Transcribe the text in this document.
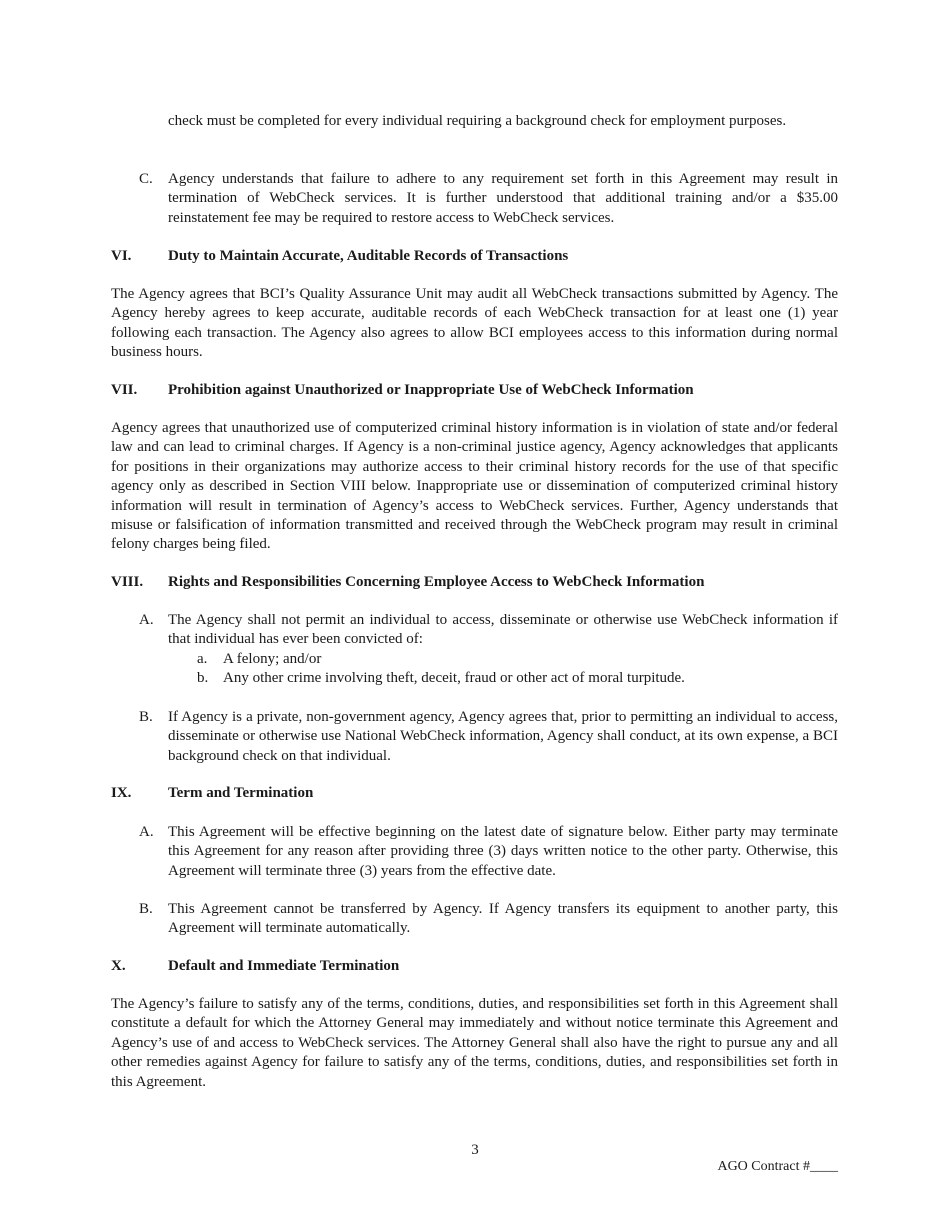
check must be completed for every individual requiring a background check for employment purposes.
C. Agency understands that failure to adhere to any requirement set forth in this Agreement may result in termination of WebCheck services. It is further understood that additional training and/or a $35.00 reinstatement fee may be required to restore access to WebCheck services.
VI. Duty to Maintain Accurate, Auditable Records of Transactions
The Agency agrees that BCI’s Quality Assurance Unit may audit all WebCheck transactions submitted by Agency. The Agency hereby agrees to keep accurate, auditable records of each WebCheck transaction for at least one (1) year following each transaction. The Agency also agrees to allow BCI employees access to this information during normal business hours.
VII. Prohibition against Unauthorized or Inappropriate Use of WebCheck Information
Agency agrees that unauthorized use of computerized criminal history information is in violation of state and/or federal law and can lead to criminal charges. If Agency is a non-criminal justice agency, Agency acknowledges that applicants for positions in their organizations may authorize access to their criminal history records for the use of that specific agency only as described in Section VIII below. Inappropriate use or dissemination of computerized criminal history information will result in termination of Agency’s access to WebCheck services. Further, Agency understands that misuse or falsification of information transmitted and received through the WebCheck program may result in criminal felony charges being filed.
VIII. Rights and Responsibilities Concerning Employee Access to WebCheck Information
A. The Agency shall not permit an individual to access, disseminate or otherwise use WebCheck information if that individual has ever been convicted of:
a. A felony; and/or
b. Any other crime involving theft, deceit, fraud or other act of moral turpitude.
B. If Agency is a private, non-government agency, Agency agrees that, prior to permitting an individual to access, disseminate or otherwise use National WebCheck information, Agency shall conduct, at its own expense, a BCI background check on that individual.
IX. Term and Termination
A. This Agreement will be effective beginning on the latest date of signature below. Either party may terminate this Agreement for any reason after providing three (3) days written notice to the other party. Otherwise, this Agreement will terminate three (3) years from the effective date.
B. This Agreement cannot be transferred by Agency. If Agency transfers its equipment to another party, this Agreement will terminate automatically.
X.	Default and Immediate Termination
The Agency’s failure to satisfy any of the terms, conditions, duties, and responsibilities set forth in this Agreement shall constitute a default for which the Attorney General may immediately and without notice terminate this Agreement and Agency’s use of and access to WebCheck services. The Attorney General shall also have the right to pursue any and all other remedies against Agency for failure to satisfy any of the terms, conditions, duties, and responsibilities set forth in this Agreement.
3
AGO Contract #____
